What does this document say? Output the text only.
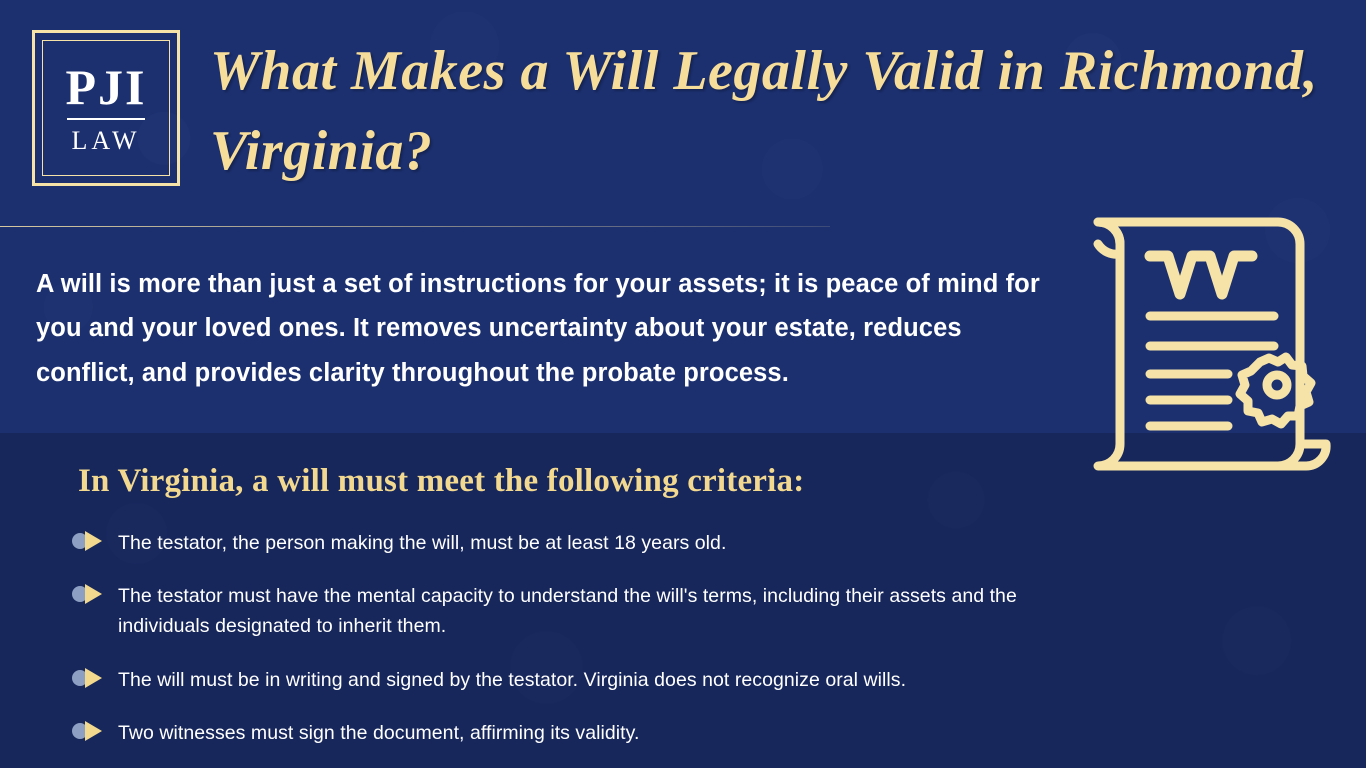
PJI
LAW
What Makes a Will Legally Valid in Richmond, Virginia?

A will is more than just a set of instructions for your assets; it is peace of mind for you and your loved ones. It removes uncertainty about your estate, reduces conflict, and provides clarity throughout the probate process.

In Virginia, a will must meet the following criteria:
The testator, the person making the will, must be at least 18 years old.
The testator must have the mental capacity to understand the will's terms, including their assets and the individuals designated to inherit them.
The will must be in writing and signed by the testator. Virginia does not recognize oral wills.
Two witnesses must sign the document, affirming its validity.
